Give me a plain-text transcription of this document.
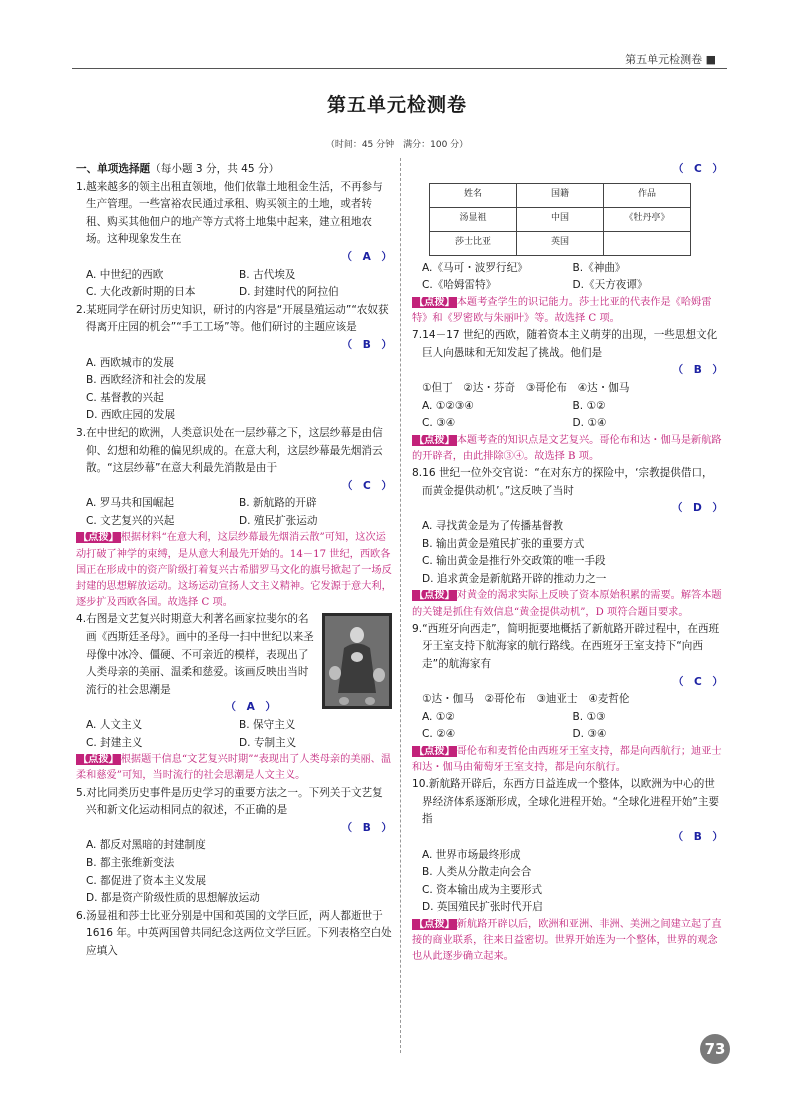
第五单元检测卷 ■
第五单元检测卷
（时间：45 分钟　满分：100 分）

一、单项选择题（每小题 3 分，共 45 分）

1.越来越多的领主出租直领地，他们依靠土地租金生活，不再参与生产管理。一些富裕农民通过承租、购买领主的土地，或者转租、购买其他佃户的地产等方式将土地集中起来，建立租地农场。这种现象发生在

（　A　）
A. 中世纪的西欧	B. 古代埃及
C. 大化改新时期的日本	D. 封建时代的阿拉伯

2.某班同学在研讨历史知识，研讨的内容是“开展垦殖运动”“农奴获得离开庄园的机会”“手工工场”等。他们研讨的主题应该是

（　B　）
A. 西欧城市的发展
B. 西欧经济和社会的发展
C. 基督教的兴起
D. 西欧庄园的发展

3.在中世纪的欧洲，人类意识处在一层纱幕之下，这层纱幕是由信仰、幻想和幼稚的偏见织成的。在意大利，这层纱幕最先烟消云散。“这层纱幕”在意大利最先消散是由于

（　C　）
A. 罗马共和国崛起	B. 新航路的开辟
C. 文艺复兴的兴起	D. 殖民扩张运动
【点拨】 根据材料“在意大利，这层纱幕最先烟消云散”可知，这次运动打破了神学的束缚，是从意大利最先开始的。14－17 世纪，西欧各国正在形成中的资产阶级打着复兴古希腊罗马文化的旗号掀起了一场反封建的思想解放运动。这场运动宣扬人文主义精神。它发源于意大利，逐步扩及西欧各国。故选择 C 项。

4.右图是文艺复兴时期意大利著名画家拉斐尔的名画《西斯廷圣母》。画中的圣母一扫中世纪以来圣母像中冰冷、僵硬、不可亲近的模样，表现出了人类母亲的美丽、温柔和慈爱。该画反映出当时流行的社会思潮是

（　A　）
A. 人文主义	B. 保守主义
C. 封建主义	D. 专制主义
【点拨】 根据题干信息“文艺复兴时期”“表现出了人类母亲的美丽、温柔和慈爱”可知，当时流行的社会思潮是人文主义。

5.对比同类历史事件是历史学习的重要方法之一。下列关于文艺复兴和新文化运动相同点的叙述，不正确的是

（　B　）
A. 都反对黑暗的封建制度
B. 都主张维新变法
C. 都促进了资本主义发展
D. 都是资产阶级性质的思想解放运动

6.汤显祖和莎士比亚分别是中国和英国的文学巨匠，两人都逝世于 1616 年。中英两国曾共同纪念这两位文学巨匠。下列表格空白处应填入

（　C　）
姓名	国籍	作品
汤显祖	中国	《牡丹亭》
莎士比亚	英国	
A.《马可・波罗行纪》	B.《神曲》
C.《哈姆雷特》	D.《天方夜谭》
【点拨】 本题考查学生的识记能力。莎士比亚的代表作是《哈姆雷特》和《罗密欧与朱丽叶》等。故选择 C 项。

7.14－17 世纪的西欧，随着资本主义萌芽的出现，一些思想文化巨人向愚昧和无知发起了挑战。他们是

（　B　）
①但丁　②达・芬奇　③哥伦布　④达・伽马
A. ①②③④	B. ①②
C. ③④	D. ①④
【点拨】 本题考查的知识点是文艺复兴。哥伦布和达・伽马是新航路的开辟者，由此排除③④。故选择 B 项。

8.16 世纪一位外交官说：“在对东方的探险中，‘宗教提供借口，而黄金提供动机’。”这反映了当时

（　D　）
A. 寻找黄金是为了传播基督教
B. 输出黄金是殖民扩张的重要方式
C. 输出黄金是推行外交政策的唯一手段
D. 追求黄金是新航路开辟的推动力之一
【点拨】 对黄金的渴求实际上反映了资本原始积累的需要。解答本题的关键是抓住有效信息“黄金提供动机”，D 项符合题目要求。

9.“西班牙向西走”，简明扼要地概括了新航路开辟过程中，在西班牙王室支持下航海家的航行路线。在西班牙王室支持下“向西走”的航海家有

（　C　）
①达・伽马　②哥伦布　③迪亚士　④麦哲伦
A. ①②	B. ①③
C. ②④	D. ③④
【点拨】 哥伦布和麦哲伦由西班牙王室支持，都是向西航行；迪亚士和达・伽马由葡萄牙王室支持，都是向东航行。

10.新航路开辟后，东西方日益连成一个整体，以欧洲为中心的世界经济体系逐渐形成，全球化进程开始。“全球化进程开始”主要指

（　B　）
A. 世界市场最终形成
B. 人类从分散走向会合
C. 资本输出成为主要形式
D. 英国殖民扩张时代开启
【点拨】 新航路开辟以后，欧洲和亚洲、非洲、美洲之间建立起了直接的商业联系，往来日益密切。世界开始连为一个整体，世界的观念也从此逐步确立起来。
73
